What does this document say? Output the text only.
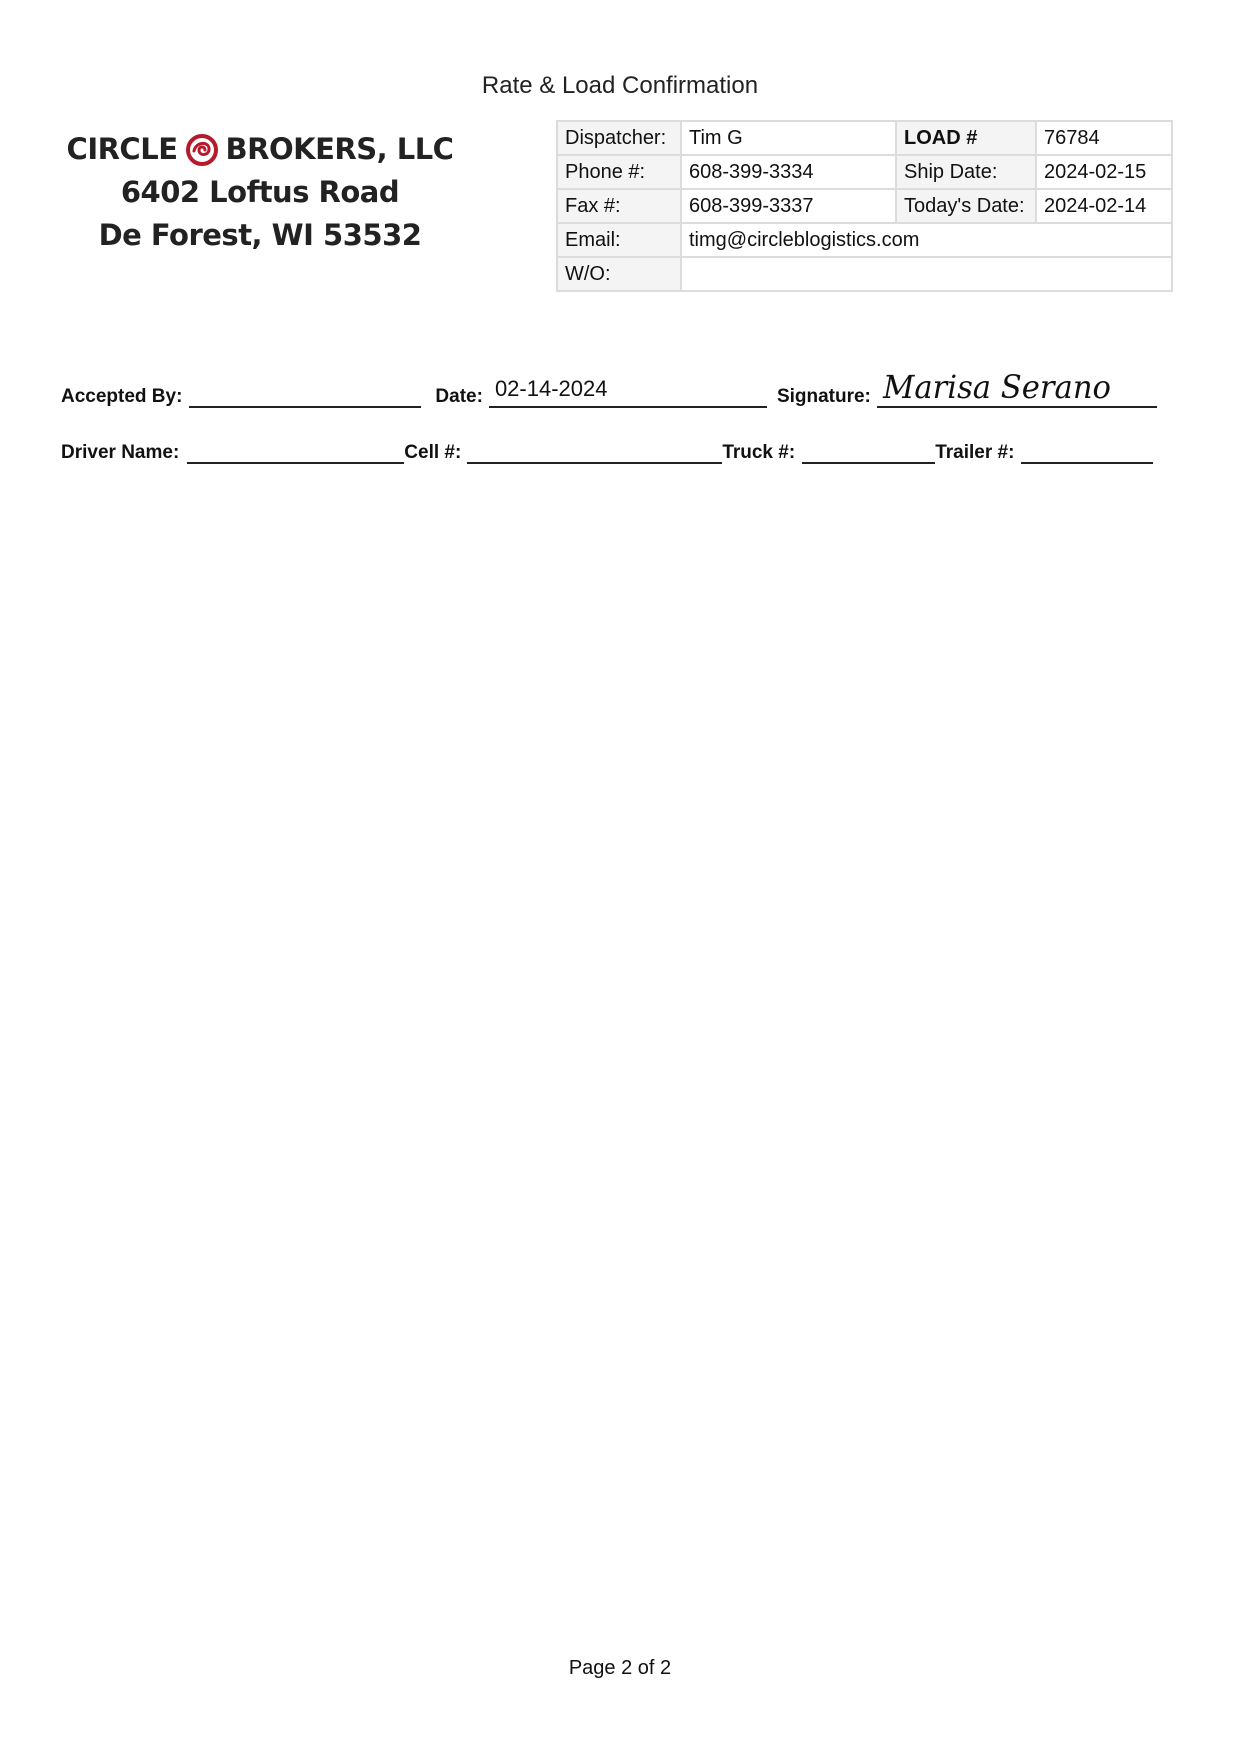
Rate & Load Confirmation
CIRCLE BROKERS, LLC
6402 Loftus Road
De Forest, WI 53532
Dispatcher:	Tim G	LOAD #	76784
Phone #:	608-399-3334	Ship Date:	2024-02-15
Fax #:	608-399-3337	Today's Date:	2024-02-14
Email:	timg@circleblogistics.com		
W/O:			
Accepted By:	Date: 02-14-2024	Signature: Marisa Serano
Driver Name:	Cell #:	Truck #:	Trailer #:
Page 2 of 2
